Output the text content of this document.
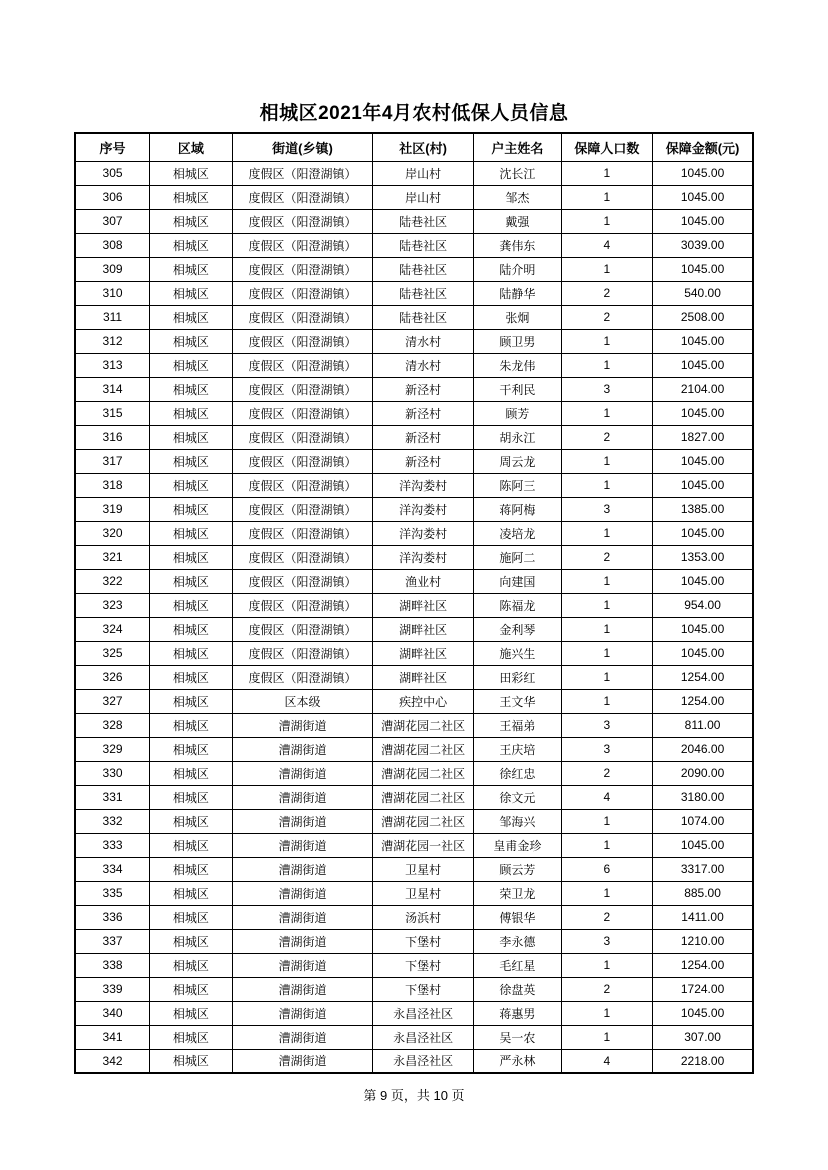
相城区2021年4月农村低保人员信息
序号	区域	街道(乡镇)	社区(村)	户主姓名	保障人口数	保障金额(元)
305	相城区	度假区（阳澄湖镇）	岸山村	沈长江	1	1045.00
306	相城区	度假区（阳澄湖镇）	岸山村	邹杰	1	1045.00
307	相城区	度假区（阳澄湖镇）	陆巷社区	戴强	1	1045.00
308	相城区	度假区（阳澄湖镇）	陆巷社区	龚伟东	4	3039.00
309	相城区	度假区（阳澄湖镇）	陆巷社区	陆介明	1	1045.00
310	相城区	度假区（阳澄湖镇）	陆巷社区	陆静华	2	540.00
311	相城区	度假区（阳澄湖镇）	陆巷社区	张炯	2	2508.00
312	相城区	度假区（阳澄湖镇）	清水村	顾卫男	1	1045.00
313	相城区	度假区（阳澄湖镇）	清水村	朱龙伟	1	1045.00
314	相城区	度假区（阳澄湖镇）	新泾村	干利民	3	2104.00
315	相城区	度假区（阳澄湖镇）	新泾村	顾芳	1	1045.00
316	相城区	度假区（阳澄湖镇）	新泾村	胡永江	2	1827.00
317	相城区	度假区（阳澄湖镇）	新泾村	周云龙	1	1045.00
318	相城区	度假区（阳澄湖镇）	洋沟娄村	陈阿三	1	1045.00
319	相城区	度假区（阳澄湖镇）	洋沟娄村	蒋阿梅	3	1385.00
320	相城区	度假区（阳澄湖镇）	洋沟娄村	凌培龙	1	1045.00
321	相城区	度假区（阳澄湖镇）	洋沟娄村	施阿二	2	1353.00
322	相城区	度假区（阳澄湖镇）	渔业村	向建国	1	1045.00
323	相城区	度假区（阳澄湖镇）	湖畔社区	陈福龙	1	954.00
324	相城区	度假区（阳澄湖镇）	湖畔社区	金利琴	1	1045.00
325	相城区	度假区（阳澄湖镇）	湖畔社区	施兴生	1	1045.00
326	相城区	度假区（阳澄湖镇）	湖畔社区	田彩红	1	1254.00
327	相城区	区本级	疾控中心	王文华	1	1254.00
328	相城区	漕湖街道	漕湖花园二社区	王福弟	3	811.00
329	相城区	漕湖街道	漕湖花园二社区	王庆培	3	2046.00
330	相城区	漕湖街道	漕湖花园二社区	徐红忠	2	2090.00
331	相城区	漕湖街道	漕湖花园二社区	徐文元	4	3180.00
332	相城区	漕湖街道	漕湖花园二社区	邹海兴	1	1074.00
333	相城区	漕湖街道	漕湖花园一社区	皇甫金珍	1	1045.00
334	相城区	漕湖街道	卫星村	顾云芳	6	3317.00
335	相城区	漕湖街道	卫星村	荣卫龙	1	885.00
336	相城区	漕湖街道	汤浜村	傅银华	2	1411.00
337	相城区	漕湖街道	下堡村	李永德	3	1210.00
338	相城区	漕湖街道	下堡村	毛红星	1	1254.00
339	相城区	漕湖街道	下堡村	徐盘英	2	1724.00
340	相城区	漕湖街道	永昌泾社区	蒋惠男	1	1045.00
341	相城区	漕湖街道	永昌泾社区	吴一农	1	307.00
342	相城区	漕湖街道	永昌泾社区	严永林	4	2218.00
第 9 页，共 10 页
